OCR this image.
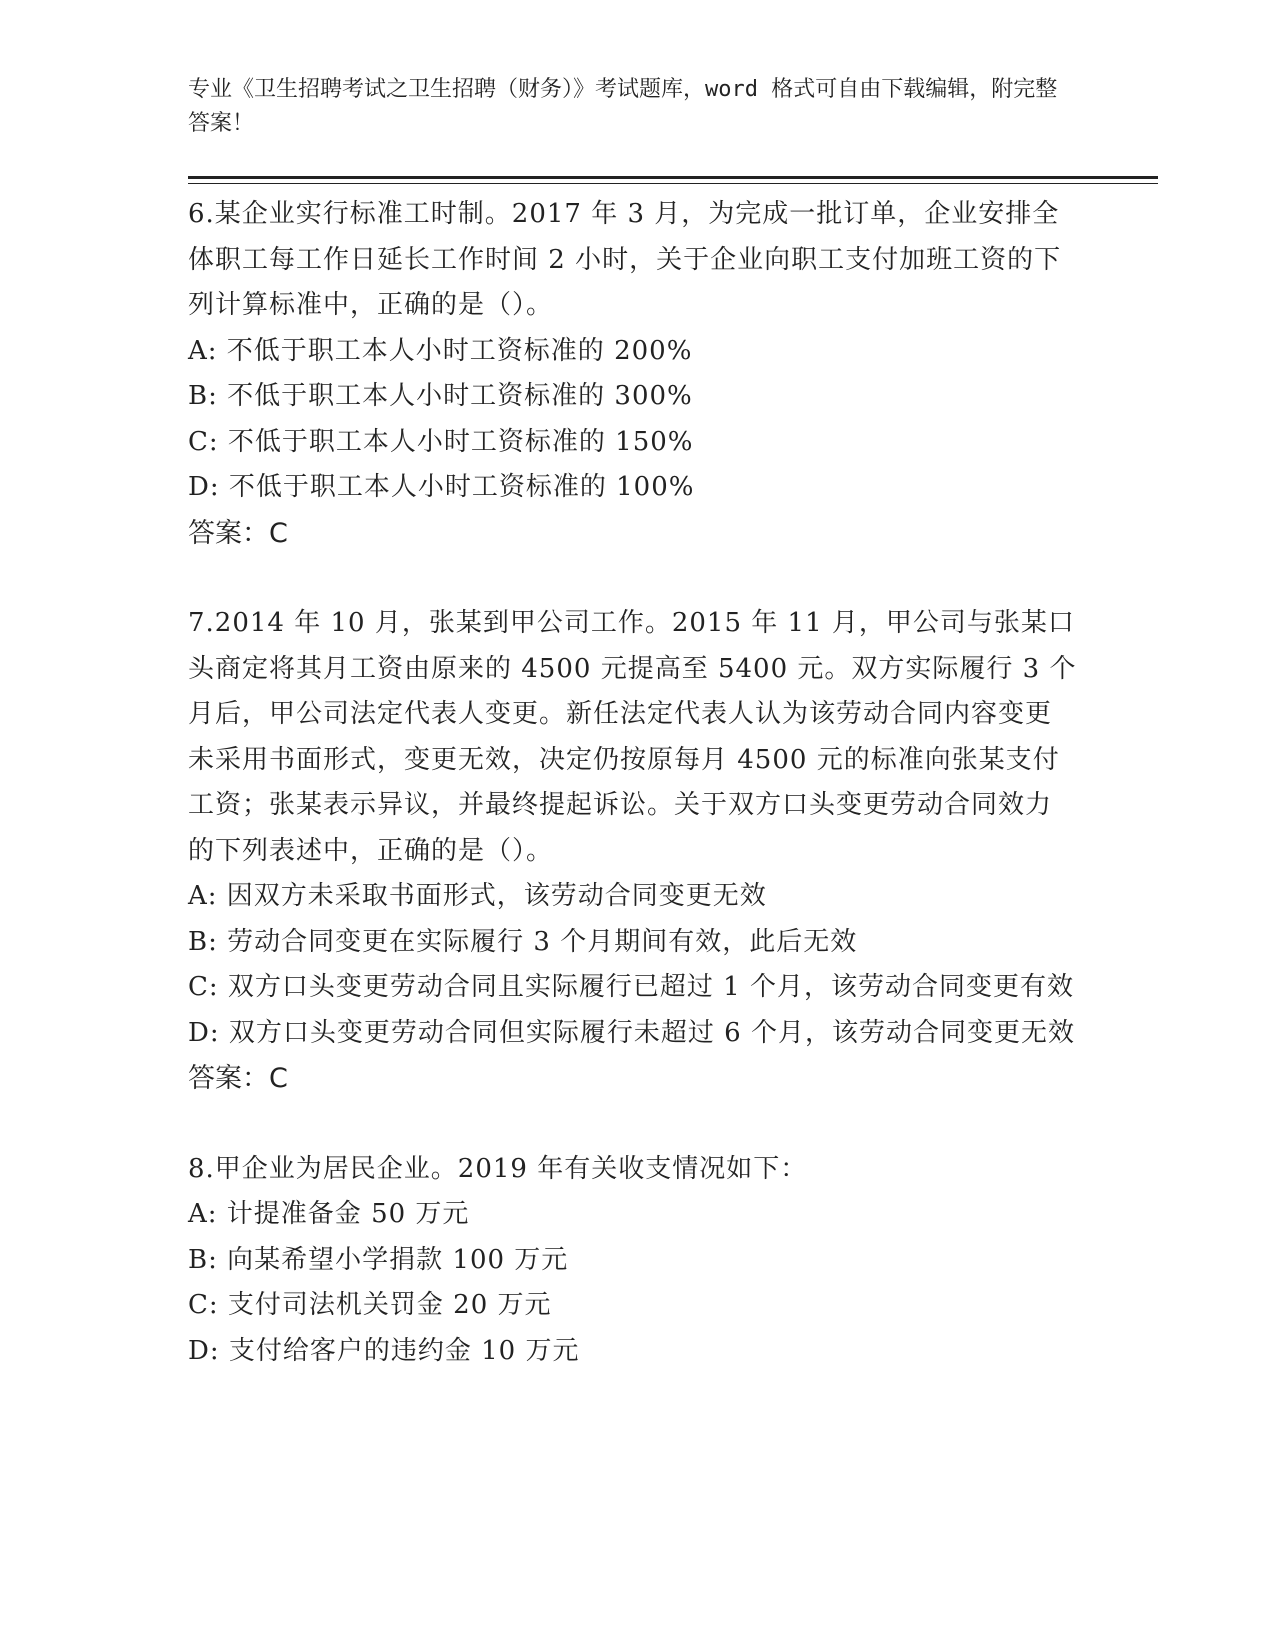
专业《卫生招聘考试之卫生招聘（财务）》考试题库，word 格式可自由下载编辑，附完整答案！

6.某企业实行标准工时制。2017 年 3 月，为完成一批订单，企业安排全体职工每工作日延长工作时间 2 小时，关于企业向职工支付加班工资的下列计算标准中，正确的是（）。

A: 不低于职工本人小时工资标准的 200%

B: 不低于职工本人小时工资标准的 300%

C: 不低于职工本人小时工资标准的 150%

D: 不低于职工本人小时工资标准的 100%

答案：C

7.2014 年 10 月，张某到甲公司工作。2015 年 11 月，甲公司与张某口头商定将其月工资由原来的 4500 元提高至 5400 元。双方实际履行 3 个月后，甲公司法定代表人变更。新任法定代表人认为该劳动合同内容变更未采用书面形式，变更无效，决定仍按原每月 4500 元的标准向张某支付工资；张某表示异议，并最终提起诉讼。关于双方口头变更劳动合同效力的下列表述中，正确的是（）。

A: 因双方未采取书面形式，该劳动合同变更无效

B: 劳动合同变更在实际履行 3 个月期间有效，此后无效

C: 双方口头变更劳动合同且实际履行已超过 1 个月，该劳动合同变更有效

D: 双方口头变更劳动合同但实际履行未超过 6 个月，该劳动合同变更无效

答案：C

8.甲企业为居民企业。2019 年有关收支情况如下：

A: 计提准备金 50 万元

B: 向某希望小学捐款 100 万元

C: 支付司法机关罚金 20 万元

D: 支付给客户的违约金 10 万元
